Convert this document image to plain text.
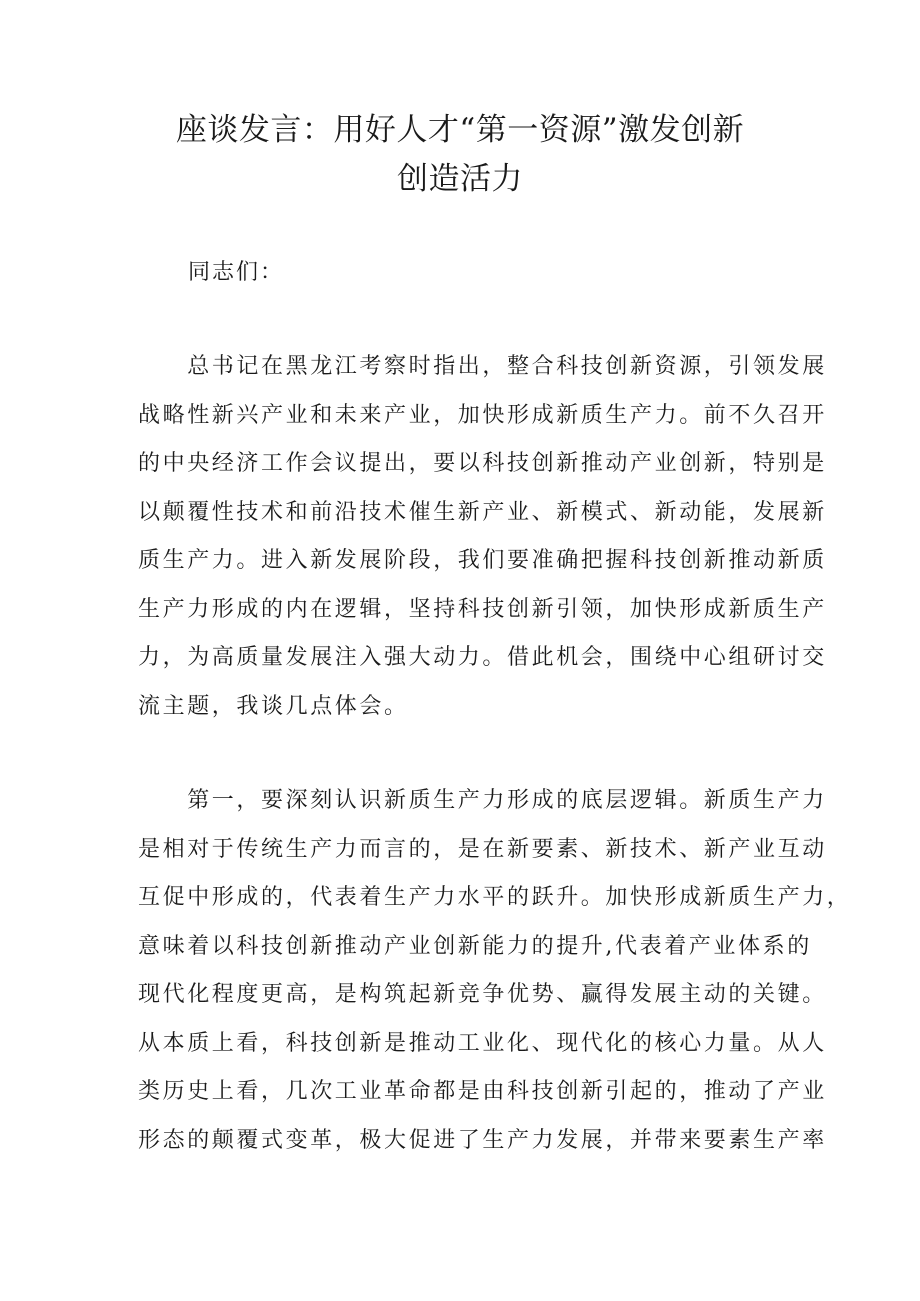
座谈发言：用好人才“第一资源”激发创新
创造活力

同志们：

　　总书记在黑龙江考察时指出，整合科技创新资源，引领发展
战略性新兴产业和未来产业，加快形成新质生产力。前不久召开
的中央经济工作会议提出，要以科技创新推动产业创新，特别是
以颠覆性技术和前沿技术催生新产业、新模式、新动能，发展新
质生产力。进入新发展阶段，我们要准确把握科技创新推动新质
生产力形成的内在逻辑，坚持科技创新引领，加快形成新质生产
力，为高质量发展注入强大动力。借此机会，围绕中心组研讨交
流主题，我谈几点体会。
　　第一，要深刻认识新质生产力形成的底层逻辑。新质生产力
是相对于传统生产力而言的，是在新要素、新技术、新产业互动
互促中形成的，代表着生产力水平的跃升。加快形成新质生产力，
意味着以科技创新推动产业创新能力的提升,代表着产业体系的
现代化程度更高，是构筑起新竞争优势、赢得发展主动的关键。
从本质上看，科技创新是推动工业化、现代化的核心力量。从人
类历史上看，几次工业革命都是由科技创新引起的，推动了产业
形态的颠覆式变革，极大促进了生产力发展，并带来要素生产率
